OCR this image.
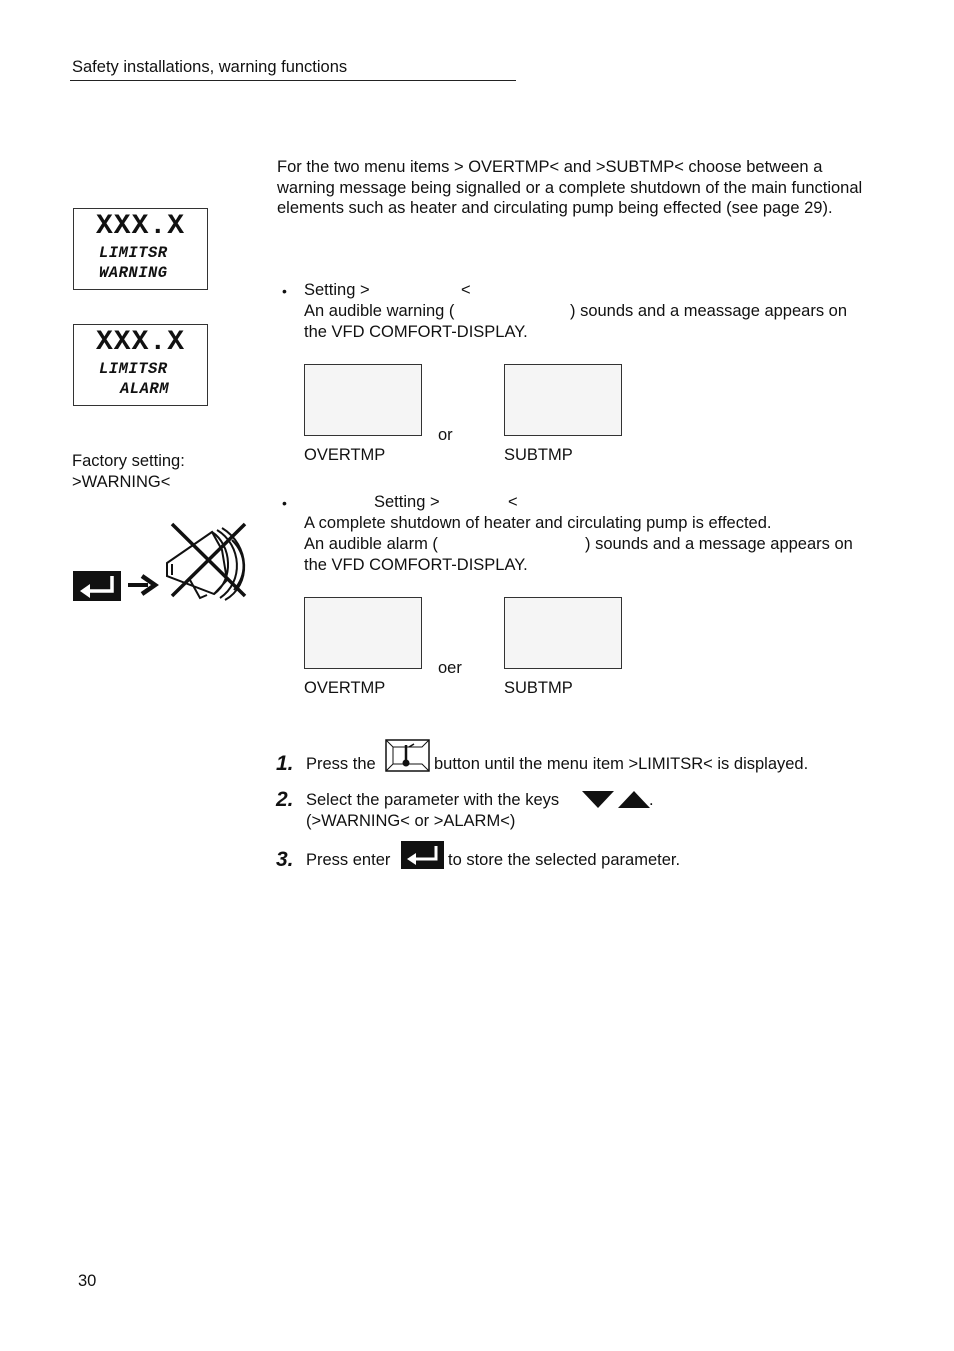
Safety installations, warning functions
For the two menu items > OVERTMP< and >SUBTMP< choose between a warning message being signalled or a complete shutdown of the main functional elements such as heater and circulating pump being effected (see page 29).
XXX.X
LIMITSR
WARNING
XXX.X
LIMITSR
ALARM
Factory setting:
>WARNING<
• Setting >	<
An audible warning (	) sounds and a meassage appears on
the VFD COMFORT-DISPLAY.
or
OVERTMP	SUBTMP
•	Setting >	<
A complete shutdown of heater and circulating pump is effected.
An audible alarm (	) sounds and a message appears on
the VFD COMFORT-DISPLAY.
oer
OVERTMP	SUBTMP
1. Press the	button until the menu item >LIMITSR< is displayed.
2. Select the parameter with the keys	.
(>WARNING< or >ALARM<)
3. Press enter	to store the selected parameter.
30
